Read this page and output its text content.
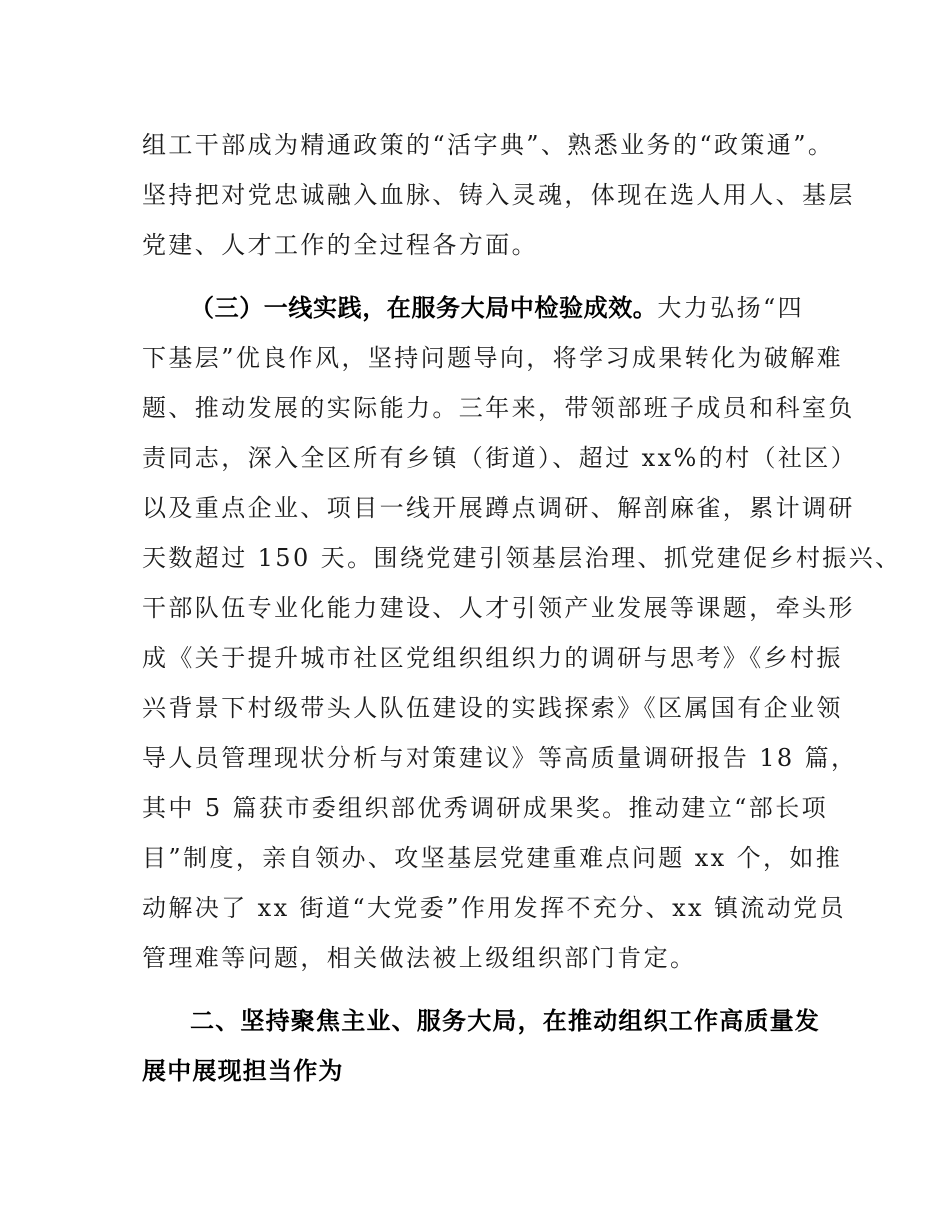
组工干部成为精通政策的“活字典”、熟悉业务的“政策通”。
坚持把对党忠诚融入血脉、铸入灵魂，体现在选人用人、基层
党建、人才工作的全过程各方面。
（三）一线实践，在服务大局中检验成效。大力弘扬“四
下基层”优良作风，坚持问题导向，将学习成果转化为破解难
题、推动发展的实际能力。三年来，带领部班子成员和科室负
责同志，深入全区所有乡镇（街道）、超过 xx%的村（社区）
以及重点企业、项目一线开展蹲点调研、解剖麻雀，累计调研
天数超过 150 天。围绕党建引领基层治理、抓党建促乡村振兴、
干部队伍专业化能力建设、人才引领产业发展等课题，牵头形
成《关于提升城市社区党组织组织力的调研与思考》《乡村振
兴背景下村级带头人队伍建设的实践探索》《区属国有企业领
导人员管理现状分析与对策建议》等高质量调研报告 18 篇，
其中 5 篇获市委组织部优秀调研成果奖。推动建立“部长项
目”制度，亲自领办、攻坚基层党建重难点问题 xx 个，如推
动解决了 xx 街道“大党委”作用发挥不充分、xx 镇流动党员
管理难等问题，相关做法被上级组织部门肯定。
二、坚持聚焦主业、服务大局，在推动组织工作高质量发
展中展现担当作为
